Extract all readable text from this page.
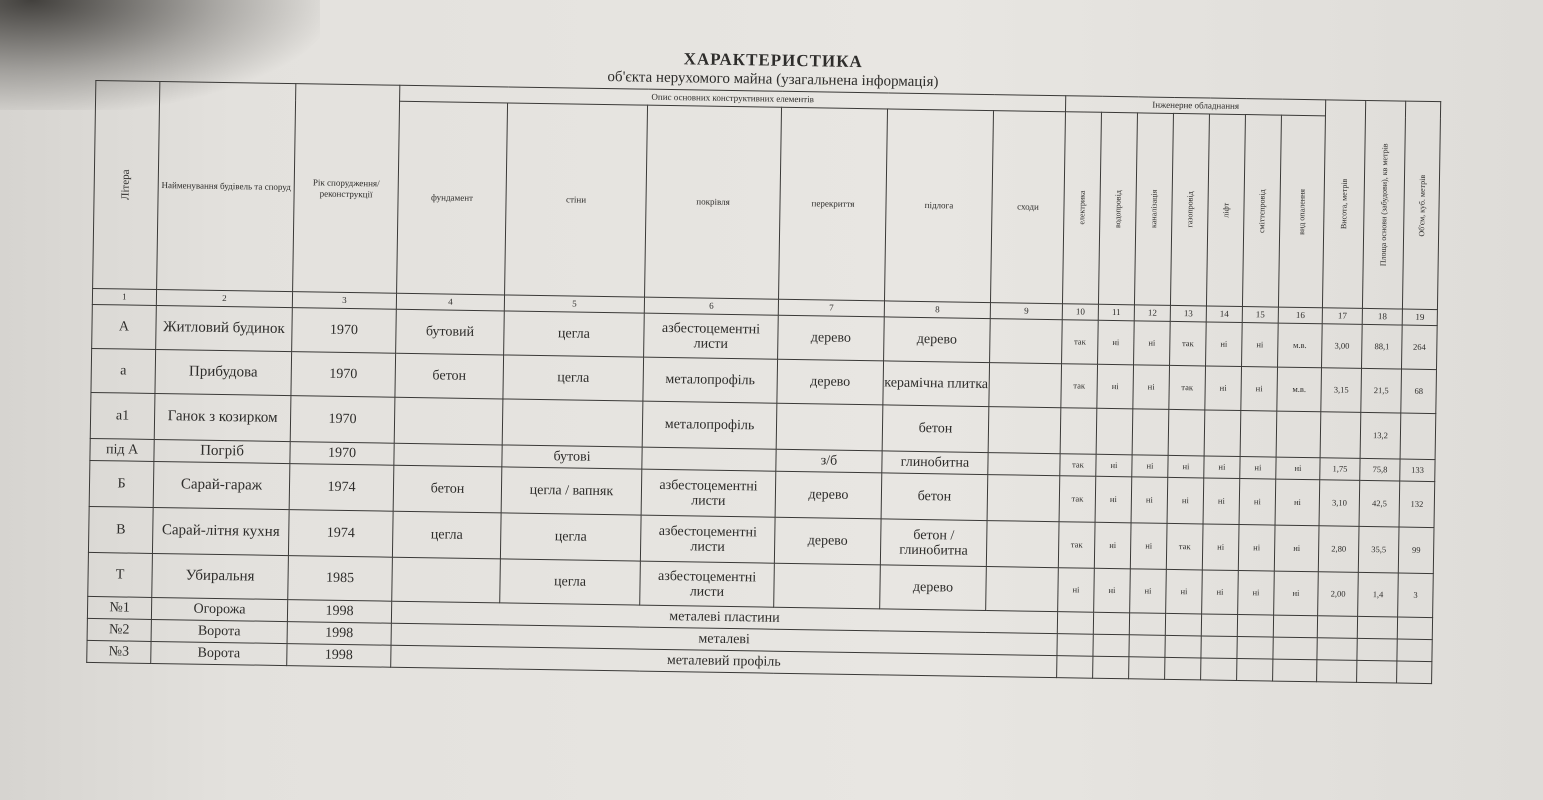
ХАРАКТЕРИСТИКА
об'єкта нерухомого майна (узагальнена інформація)
Літера	Найменування будівель та споруд	Рік спорудження/ реконструкції	Опис основних конструктивних елементів						Інженерне обладнання							Висота, метрів	Площа основи (забудови), кв метрів	Об'єм, куб. метрів

			фундамент	стіни	покрівля	перекриття	підлога	сходи	електрика	водопровід	каналізація	газопровід	ліфт	сміттєпровід	вид опалення			

1	2	3	4	5	6	7	8	9	10	11	12	13	14	15	16	17	18	19
А	Житловий будинок	1970	бутовий	цегла	азбестоцементні листи	дерево	дерево		так	ні	ні	так	ні	ні	м.в.	3,00	88,1	264
а	Прибудова	1970	бетон	цегла	металопрофіль	дерево	керамічна плитка		так	ні	ні	так	ні	ні	м.в.	3,15	21,5	68
а1	Ганок з козирком	1970			металопрофіль		бетон										13,2	
під А	Погріб	1970		бутові		з/б	глинобитна		так	ні	ні	ні	ні	ні	ні	1,75	75,8	133
Б	Сарай-гараж	1974	бетон	цегла / вапняк	азбестоцементні листи	дерево	бетон		так	ні	ні	ні	ні	ні	ні	3,10	42,5	132
В	Сарай-літня кухня	1974	цегла	цегла	азбестоцементні листи	дерево	бетон / глинобитна		так	ні	ні	так	ні	ні	ні	2,80	35,5	99
Т	Убиральня	1985		цегла	азбестоцементні листи		дерево		ні	ні	ні	ні	ні	ні	ні	2,00	1,4	3
№1	Огорожа	1998	металеві пластини															
№2	Ворота	1998	металеві															
№3	Ворота	1998	металевий профіль															
